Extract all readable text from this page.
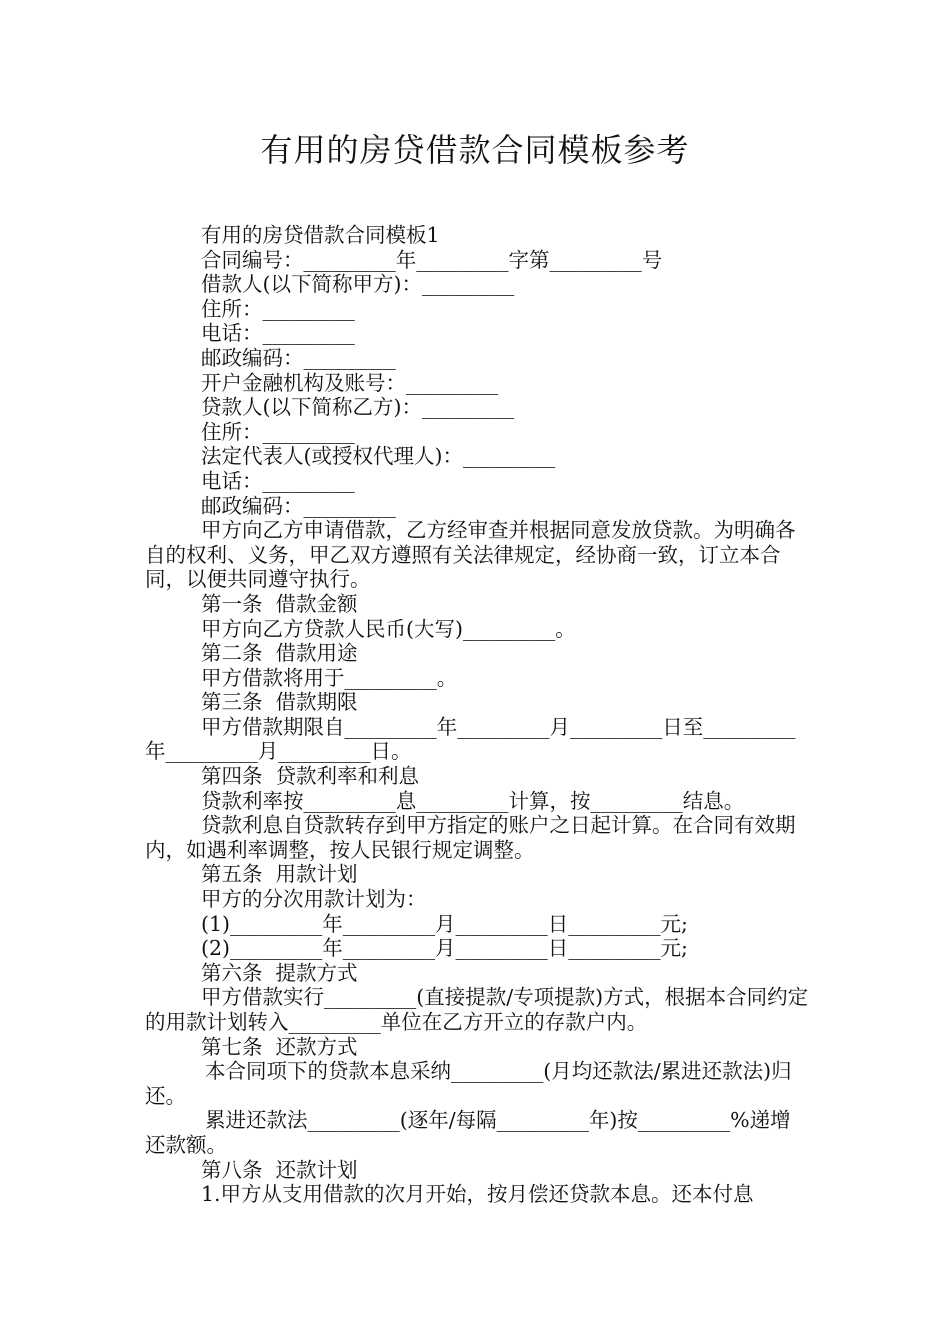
有用的房贷借款合同模板参考

有用的房贷借款合同模板1

合同编号：_________年_________字第_________号

借款人(以下简称甲方)：_________

住所：_________

电话：_________

邮政编码：_________

开户金融机构及账号：_________

贷款人(以下简称乙方)：_________

住所：_________

法定代表人(或授权代理人)：_________

电话：_________

邮政编码：_________

甲方向乙方申请借款，乙方经审查并根据同意发放贷款。为明确各自的权利、义务，甲乙双方遵照有关法律规定，经协商一致，订立本合同，以便共同遵守执行。

第一条  借款金额

甲方向乙方贷款人民币(大写)_________。

第二条  借款用途

甲方借款将用于_________。

第三条  借款期限

甲方借款期限自_________年_________月_________日至_________年_________月_________日。

第四条  贷款利率和利息

贷款利率按_________息_________计算，按_________结息。

贷款利息自贷款转存到甲方指定的账户之日起计算。在合同有效期内，如遇利率调整，按人民银行规定调整。

第五条  用款计划

甲方的分次用款计划为：

(1)_________年_________月_________日_________元;

(2)_________年_________月_________日_________元;

第六条  提款方式

甲方借款实行_________(直接提款/专项提款)方式，根据本合同约定的用款计划转入_________单位在乙方开立的存款户内。

第七条  还款方式

本合同项下的贷款本息采纳_________(月均还款法/累进还款法)归还。

累进还款法_________(逐年/每隔_________年)按_________%递增还款额。

第八条  还款计划

1.甲方从支用借款的次月开始，按月偿还贷款本息。还本付息
